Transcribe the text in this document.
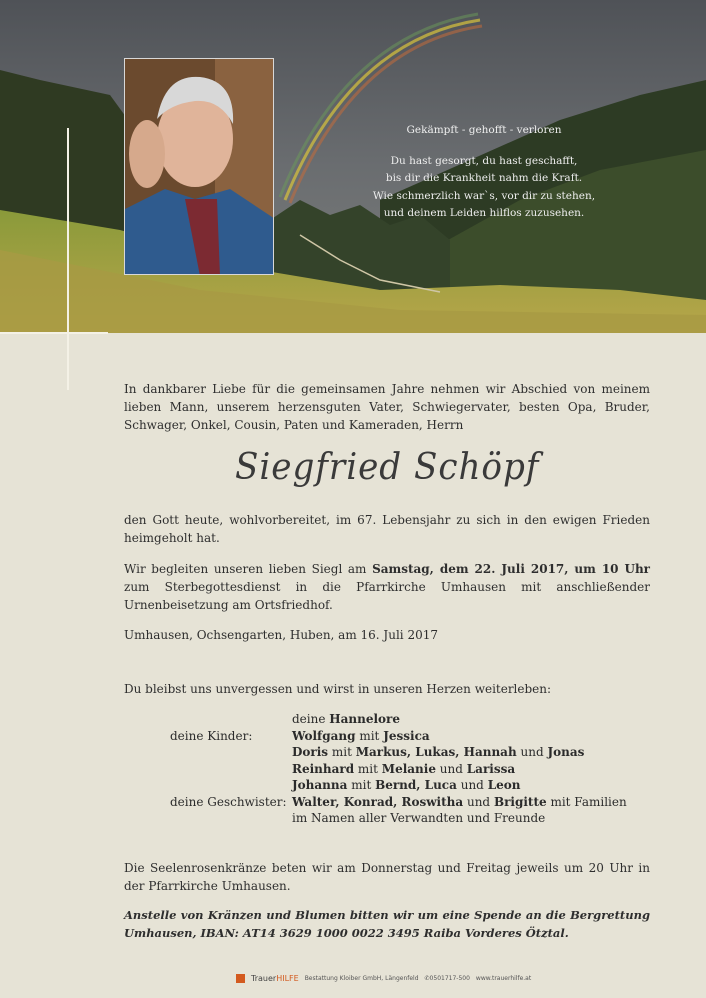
Gekämpft - gehofft - verloren
Du hast gesorgt, du hast geschafft,
bis dir die Krankheit nahm die Kraft.
Wie schmerzlich war`s, vor dir zu stehen,
und deinem Leiden hilflos zuzusehen.
In dankbarer Liebe für die gemeinsamen Jahre nehmen wir Abschied von meinem lieben Mann, unserem herzensguten Vater, Schwiegervater, besten Opa, Bruder, Schwager, Onkel, Cousin, Paten und Kameraden, Herrn
Siegfried Schöpf
den Gott heute, wohlvorbereitet, im 67. Lebensjahr zu sich in den ewigen Frieden heimgeholt hat.
Wir begleiten unseren lieben Siegl am Samstag, dem 22. Juli 2017, um 10 Uhr zum Sterbegottesdienst in die Pfarrkirche Umhausen mit anschließender Urnenbeisetzung am Ortsfriedhof.
Umhausen, Ochsengarten, Huben, am 16. Juli 2017
Du bleibst uns unvergessen und wirst in unseren Herzen weiterleben:
deine Hannelore
deine Kinder:	Wolfgang mit Jessica
Doris mit Markus, Lukas, Hannah und Jonas
Reinhard mit Melanie und Larissa
Johanna mit Bernd, Luca und Leon
deine Geschwister: Walter, Konrad, Roswitha und Brigitte mit Familien
im Namen aller Verwandten und Freunde
Die Seelenrosenkränze beten wir am Donnerstag und Freitag jeweils um 20 Uhr in der Pfarrkirche Umhausen.
Anstelle von Kränzen und Blumen bitten wir um eine Spende an die Bergrettung Umhausen, IBAN: AT14 3629 1000 0022 3495 Raiba Vorderes Ötztal.
TrauerHILFE Bestattung Kloiber GmbH, Längenfeld ✆0501717-500 www.trauerhilfe.at
